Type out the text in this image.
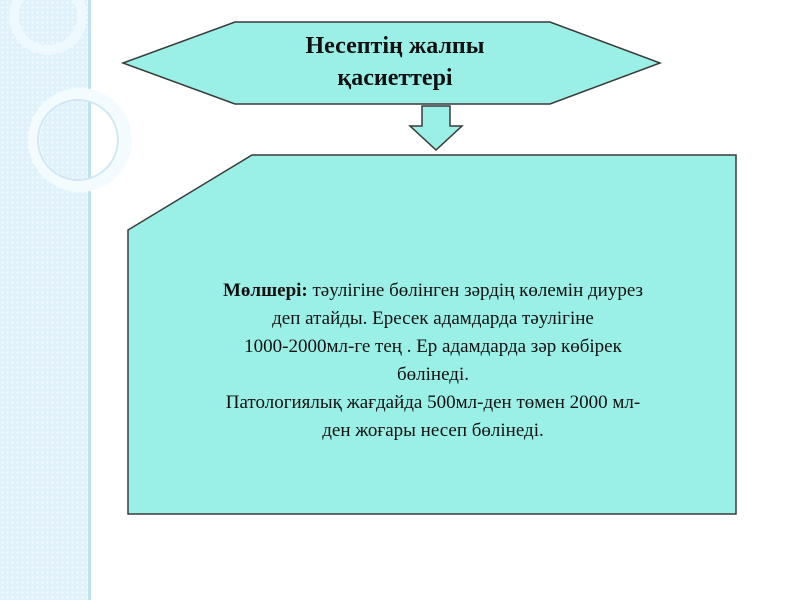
Несептің жалпы
қасиеттері
Мөлшері: тәулігіне бөлінген зәрдің көлемін диурез
деп атайды. Ересек адамдарда тәулігіне
1000-2000мл-ге тең . Ер адамдарда зәр көбірек
бөлінеді.
Патологиялық жағдайда 500мл-ден төмен 2000 мл-
ден жоғары несеп бөлінеді.
